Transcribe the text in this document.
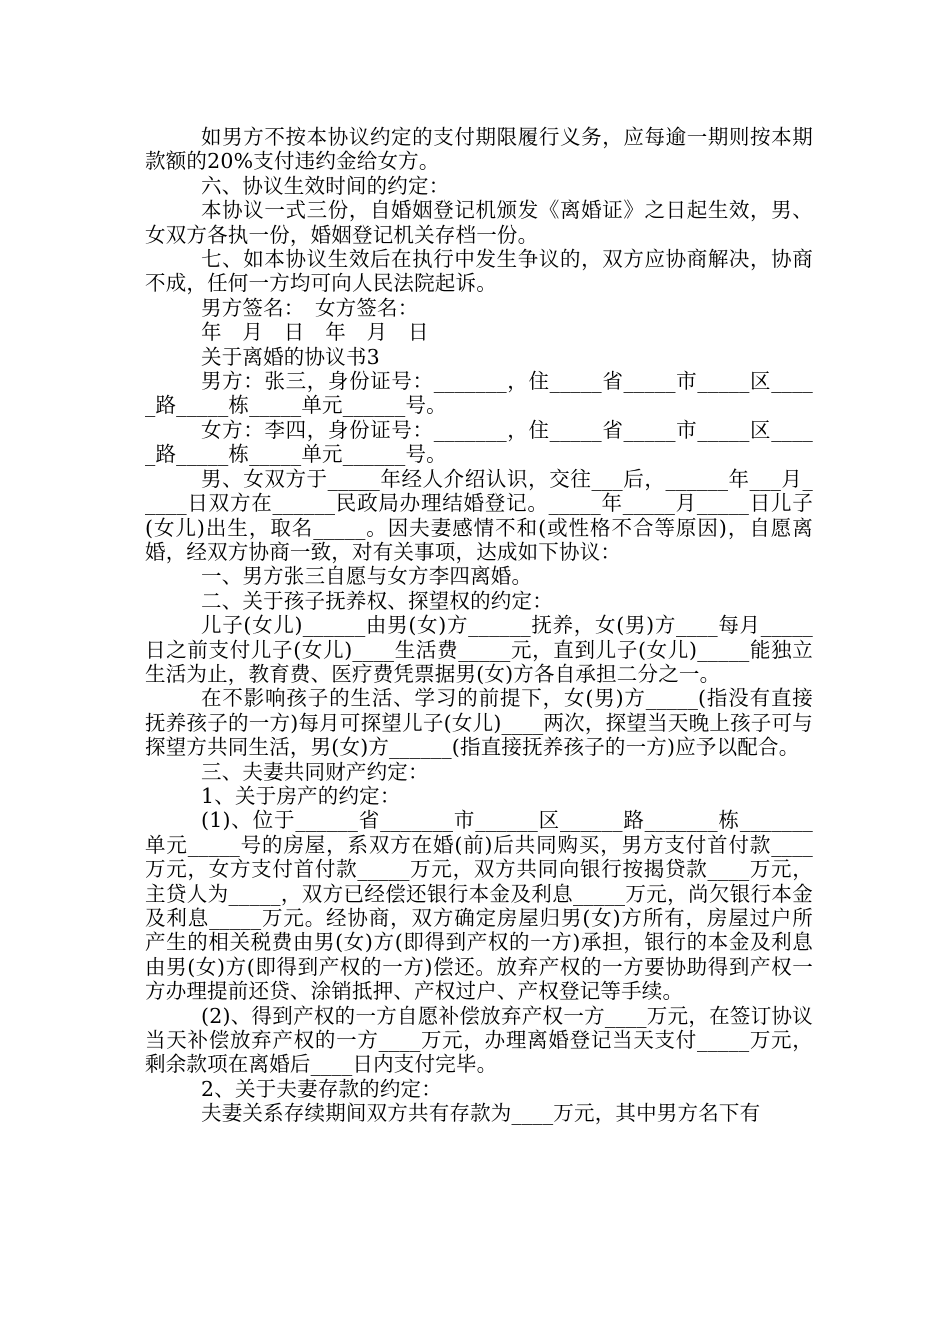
如男方不按本协议约定的支付期限履行义务，应每逾一期则按本期款额的20%支付违约金给女方。

六、协议生效时间的约定：

本协议一式三份，自婚姻登记机颁发《离婚证》之日起生效，男、女双方各执一份，婚姻登记机关存档一份。

七、如本协议生效后在执行中发生争议的，双方应协商解决，协商不成，任何一方均可向人民法院起诉。

男方签名：　女方签名：

年　月　日　年　月　日

关于离婚的协议书3

男方：张三，身份证号：_______，住_____省_____市_____区_____路_____栋_____单元______号。

女方：李四，身份证号：_______，住_____省_____市_____区_____路_____栋_____单元______号。

男、女双方于_____年经人介绍认识，交往___后，______年___月_____日双方在______民政局办理结婚登记。_____年_____月_____日儿子(女儿)出生，取名_____。因夫妻感情不和(或性格不合等原因)，自愿离婚，经双方协商一致，对有关事项，达成如下协议：

一、男方张三自愿与女方李四离婚。

二、关于孩子抚养权、探望权的约定：

儿子(女儿)______由男(女)方______抚养，女(男)方____每月_____日之前支付儿子(女儿)____生活费_____元，直到儿子(女儿)_____能独立生活为止，教育费、医疗费凭票据男(女)方各自承担二分之一。

在不影响孩子的生活、学习的前提下，女(男)方_____(指没有直接抚养孩子的一方)每月可探望儿子(女儿)____两次，探望当天晚上孩子可与探望方共同生活，男(女)方______(指直接抚养孩子的一方)应予以配合。

三、夫妻共同财产约定：

1、关于房产的约定：

(1)、位于______省_______市______区______路_______栋_______单元_____号的房屋，系双方在婚(前)后共同购买，男方支付首付款____万元，女方支付首付款_____万元，双方共同向银行按揭贷款____万元，主贷人为_____，双方已经偿还银行本金及利息_____万元，尚欠银行本金及利息_____万元。经协商，双方确定房屋归男(女)方所有，房屋过户所产生的相关税费由男(女)方(即得到产权的一方)承担，银行的本金及利息由男(女)方(即得到产权的一方)偿还。放弃产权的一方要协助得到产权一方办理提前还贷、涂销抵押、产权过户、产权登记等手续。

(2)、得到产权的一方自愿补偿放弃产权一方____万元，在签订协议当天补偿放弃产权的一方____万元，办理离婚登记当天支付_____万元，剩余款项在离婚后____日内支付完毕。

2、关于夫妻存款的约定：

夫妻关系存续期间双方共有存款为____万元，其中男方名下有
